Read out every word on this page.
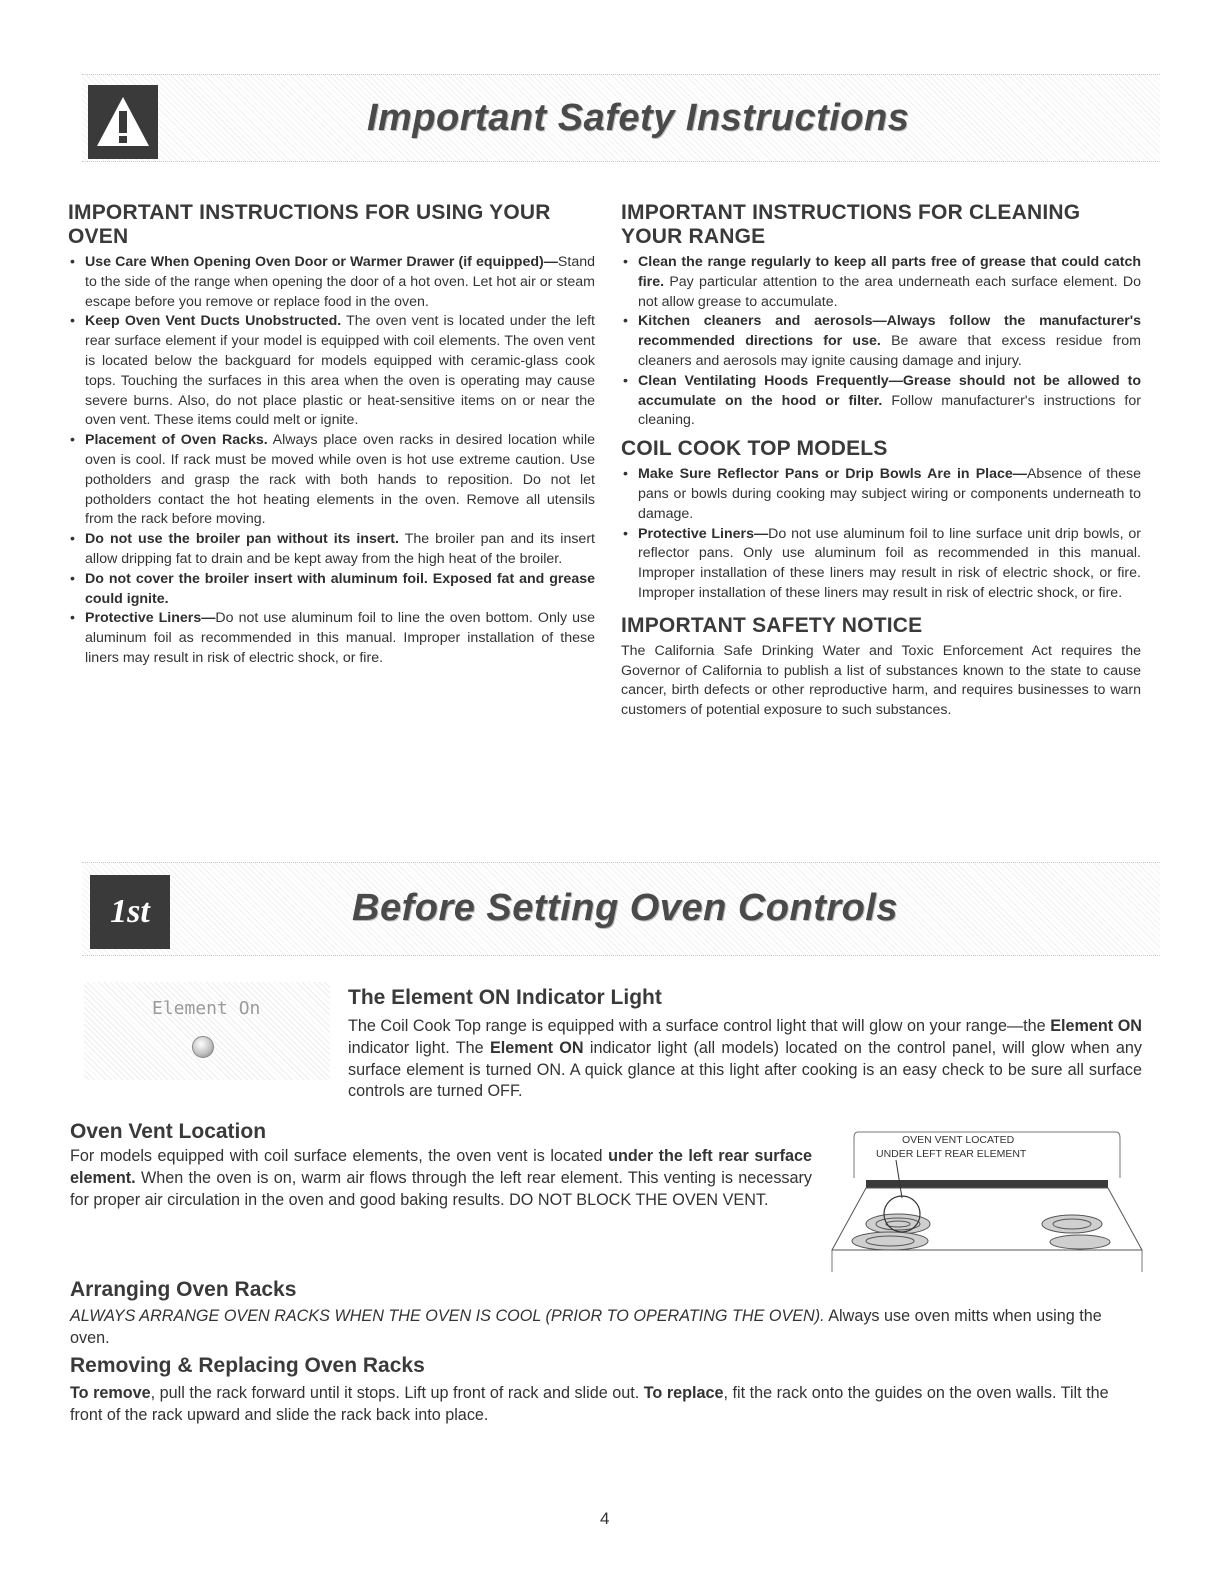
Important Safety Instructions
IMPORTANT INSTRUCTIONS FOR USING YOUR OVEN
• Use Care When Opening Oven Door or Warmer Drawer (if equipped)—Stand to the side of the range when opening the door of a hot oven. Let hot air or steam escape before you remove or replace food in the oven.
• Keep Oven Vent Ducts Unobstructed. The oven vent is located under the left rear surface element if your model is equipped with coil elements. The oven vent is located below the backguard for models equipped with ceramic-glass cook tops. Touching the surfaces in this area when the oven is operating may cause severe burns. Also, do not place plastic or heat-sensitive items on or near the oven vent. These items could melt or ignite.
• Placement of Oven Racks. Always place oven racks in desired location while oven is cool. If rack must be moved while oven is hot use extreme caution. Use potholders and grasp the rack with both hands to reposition. Do not let potholders contact the hot heating elements in the oven. Remove all utensils from the rack before moving.
• Do not use the broiler pan without its insert. The broiler pan and its insert allow dripping fat to drain and be kept away from the high heat of the broiler.
• Do not cover the broiler insert with aluminum foil. Exposed fat and grease could ignite.
• Protective Liners—Do not use aluminum foil to line the oven bottom. Only use aluminum foil as recommended in this manual. Improper installation of these liners may result in risk of electric shock, or fire.
IMPORTANT INSTRUCTIONS FOR CLEANING YOUR RANGE
• Clean the range regularly to keep all parts free of grease that could catch fire. Pay particular attention to the area underneath each surface element. Do not allow grease to accumulate.
• Kitchen cleaners and aerosols—Always follow the manufacturer's recommended directions for use. Be aware that excess residue from cleaners and aerosols may ignite causing damage and injury.
• Clean Ventilating Hoods Frequently—Grease should not be allowed to accumulate on the hood or filter. Follow manufacturer's instructions for cleaning.
COIL COOK TOP MODELS
• Make Sure Reflector Pans or Drip Bowls Are in Place—Absence of these pans or bowls during cooking may subject wiring or components underneath to damage.
• Protective Liners—Do not use aluminum foil to line surface unit drip bowls, or reflector pans. Only use aluminum foil as recommended in this manual. Improper installation of these liners may result in risk of electric shock, or fire. Improper installation of these liners may result in risk of electric shock, or fire.
IMPORTANT SAFETY NOTICE

The California Safe Drinking Water and Toxic Enforcement Act requires the Governor of California to publish a list of substances known to the state to cause cancer, birth defects or other reproductive harm, and requires businesses to warn customers of potential exposure to such substances.

1st	Before Setting Oven Controls
Element On	The Element ON Indicator Light

The Coil Cook Top range is equipped with a surface control light that will glow on your range—the Element ON indicator light. The Element ON indicator light (all models) located on the control panel, will glow when any surface element is turned ON. A quick glance at this light after cooking is an easy check to be sure all surface controls are turned OFF.

Oven Vent Location

For models equipped with coil surface elements, the oven vent is located under the left rear surface element. When the oven is on, warm air flows through the left rear element. This venting is necessary for proper air circulation in the oven and good baking results. DO NOT BLOCK THE OVEN VENT.

OVEN VENT LOCATED
UNDER LEFT REAR ELEMENT
Arranging Oven Racks

ALWAYS ARRANGE OVEN RACKS WHEN THE OVEN IS COOL (PRIOR TO OPERATING THE OVEN). Always use oven mitts when using the oven.

Removing & Replacing Oven Racks

To remove, pull the rack forward until it stops. Lift up front of rack and slide out. To replace, fit the rack onto the guides on the oven walls. Tilt the front of the rack upward and slide the rack back into place.

4
